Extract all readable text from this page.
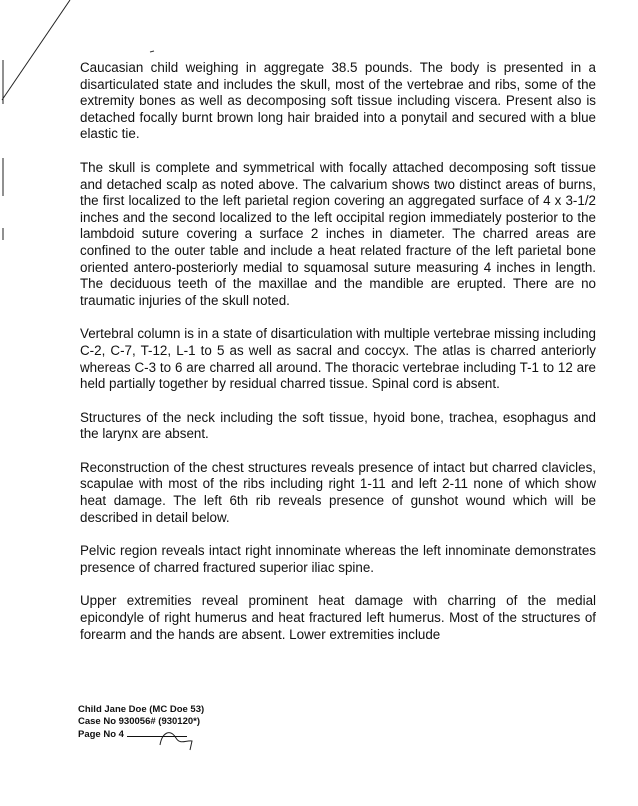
Caucasian child weighing in aggregate 38.5 pounds. The body is presented in a disarticulated state and includes the skull, most of the vertebrae and ribs, some of the extremity bones as well as decomposing soft tissue including viscera. Present also is detached focally burnt brown long hair braided into a ponytail and secured with a blue elastic tie.

The skull is complete and symmetrical with focally attached decomposing soft tissue and detached scalp as noted above. The calvarium shows two distinct areas of burns, the first localized to the left parietal region covering an aggregated surface of 4 x 3-1/2 inches and the second localized to the left occipital region immediately posterior to the lambdoid suture covering a surface 2 inches in diameter. The charred areas are confined to the outer table and include a heat related fracture of the left parietal bone oriented antero-posteriorly medial to squamosal suture measuring 4 inches in length. The deciduous teeth of the maxillae and the mandible are erupted. There are no traumatic injuries of the skull noted.

Vertebral column is in a state of disarticulation with multiple vertebrae missing including C-2, C-7, T-12, L-1 to 5 as well as sacral and coccyx. The atlas is charred anteriorly whereas C-3 to 6 are charred all around. The thoracic vertebrae including T-1 to 12 are held partially together by residual charred tissue. Spinal cord is absent.

Structures of the neck including the soft tissue, hyoid bone, trachea, esophagus and the larynx are absent.

Reconstruction of the chest structures reveals presence of intact but charred clavicles, scapulae with most of the ribs including right 1-11 and left 2-11 none of which show heat damage. The left 6th rib reveals presence of gunshot wound which will be described in detail below.

Pelvic region reveals intact right innominate whereas the left innominate demonstrates presence of charred fractured superior iliac spine.

Upper extremities reveal prominent heat damage with charring of the medial epicondyle of right humerus and heat fractured left humerus. Most of the structures of forearm and the hands are absent. Lower extremities include

Child Jane Doe (MC Doe 53)
Case No 930056# (930120*)
Page No 4
